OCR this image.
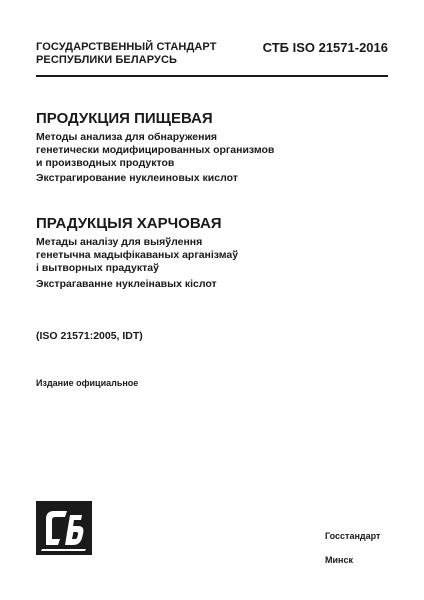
ГОСУДАРСТВЕННЫЙ СТАНДАРТ
РЕСПУБЛИКИ БЕЛАРУСЬ
СТБ ISO 21571-2016
ПРОДУКЦИЯ ПИЩЕВАЯ
Методы анализа для обнаружения
генетически модифицированных организмов
и производных продуктов
Экстрагирование нуклеиновых кислот
ПРАДУКЦЫЯ ХАРЧОВАЯ
Метады аналізу для выяўлення
генетычна мадыфікаваных арганізмаў
і вытворных прадуктаў
Экстрагаванне нуклеінавых кіслот
(ISO 21571:2005, IDT)
Издание официальное
Госстандарт
Минск
